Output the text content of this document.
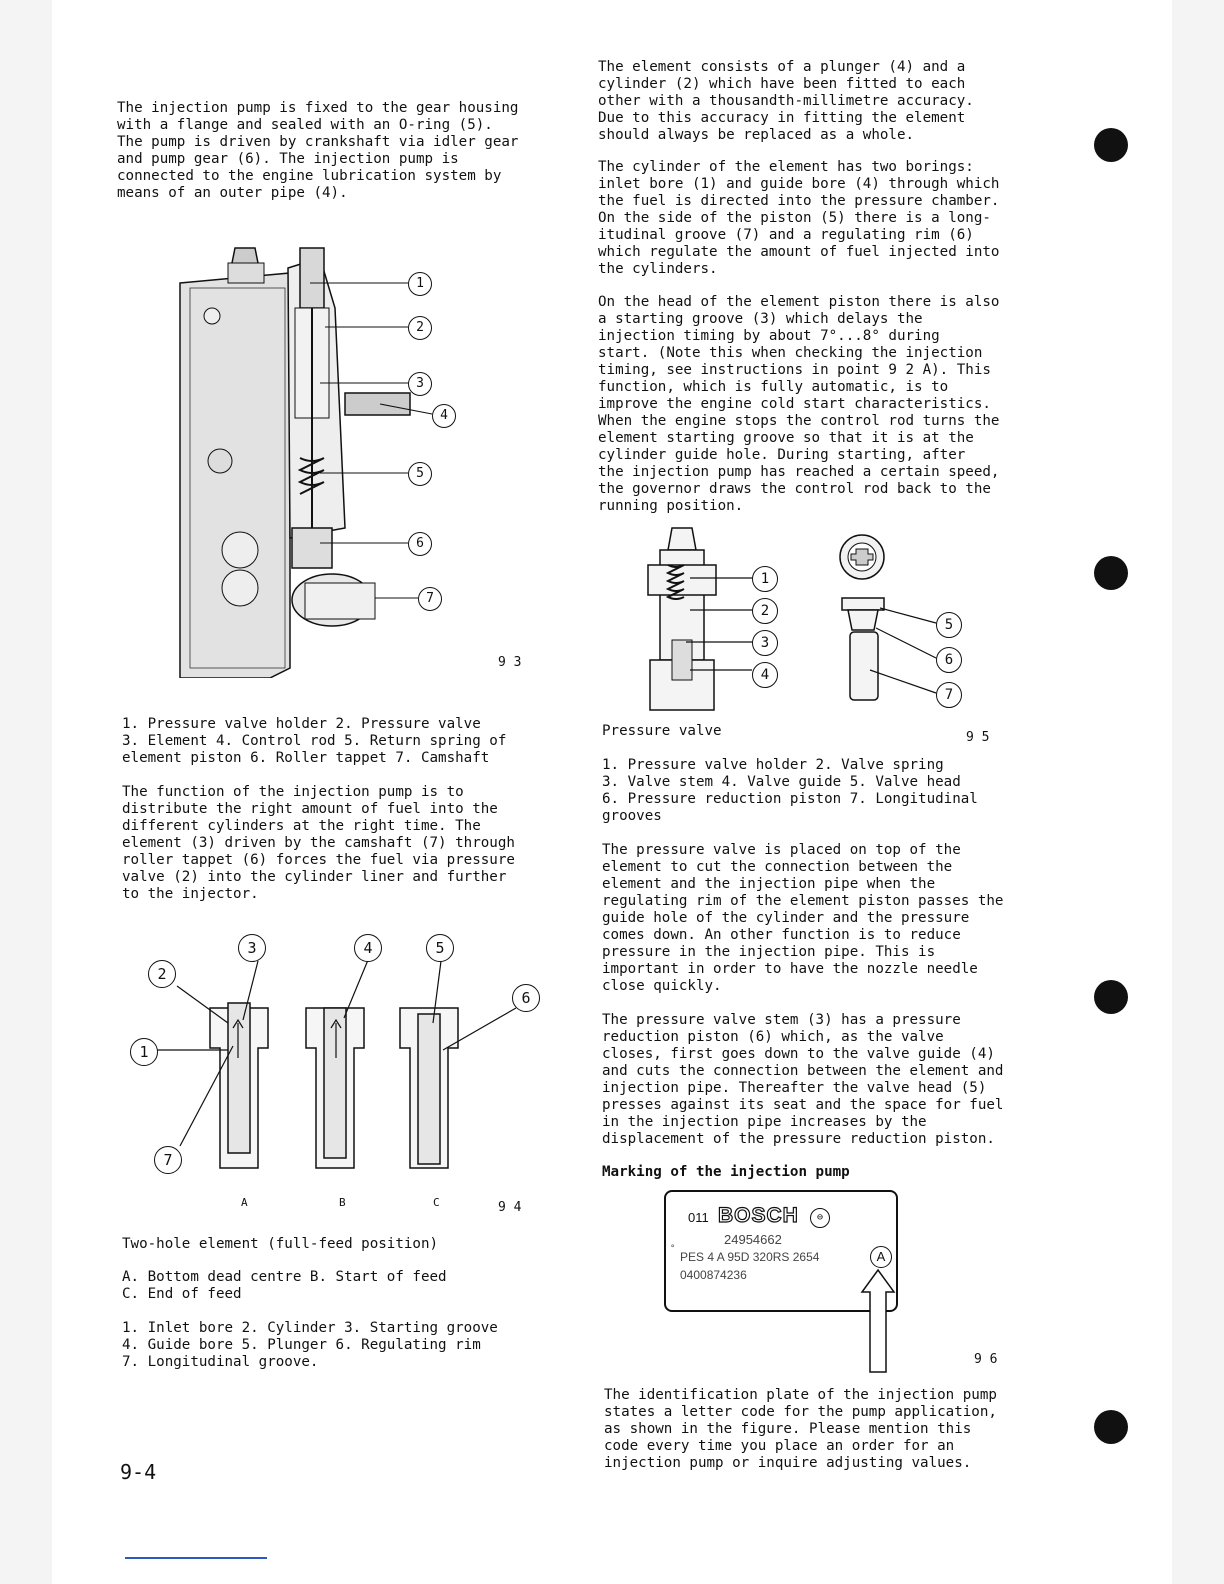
The injection pump is fixed to the gear housing
with a flange and sealed with an O-ring (5).
The pump is driven by crankshaft via idler gear
and pump gear (6). The injection pump is
connected to the engine lubrication system by
means of an outer pipe (4).

1
2
3
4
5
6
7
9 3

1. Pressure valve holder 2. Pressure valve
3. Element 4. Control rod 5. Return spring of
element piston 6. Roller tappet 7. Camshaft

The function of the injection pump is to
distribute the right amount of fuel into the
different cylinders at the right time. The
element (3) driven by the camshaft (7) through
roller tappet (6) forces the fuel via pressure
valve (2) into the cylinder liner and further
to the injector.

2
3
1
7
4	5
6
A	B	C	9 4

Two-hole element (full-feed position)

A. Bottom dead centre B. Start of feed
C. End of feed

1. Inlet bore 2. Cylinder 3. Starting groove
4. Guide bore 5. Plunger 6. Regulating rim
7. Longitudinal groove.

9-4

The element consists of a plunger (4) and a
cylinder (2) which have been fitted to each
other with a thousandth-millimetre accuracy.
Due to this accuracy in fitting the element
should always be replaced as a whole.

The cylinder of the element has two borings:
inlet bore (1) and guide bore (4) through which
the fuel is directed into the pressure chamber.
On the side of the piston (5) there is a long-
itudinal groove (7) and a regulating rim (6)
which regulate the amount of fuel injected into
the cylinders.

On the head of the element piston there is also
a starting groove (3) which delays the
injection timing by about 7°...8° during
start. (Note this when checking the injection
timing, see instructions in point 9 2 A). This
function, which is fully automatic, is to
improve the engine cold start characteristics.
When the engine stops the control rod turns the
element starting groove so that it is at the
cylinder guide hole. During starting, after
the injection pump has reached a certain speed,
the governor draws the control rod back to the
running position.

1
2
3
4
5
6
7
Pressure valve	9 5

1. Pressure valve holder 2. Valve spring
3. Valve stem 4. Valve guide 5. Valve head
6. Pressure reduction piston 7. Longitudinal
grooves

The pressure valve is placed on top of the
element to cut the connection between the
element and the injection pipe when the
regulating rim of the element piston passes the
guide hole of the cylinder and the pressure
comes down. An other function is to reduce
pressure in the injection pipe. This is
important in order to have the nozzle needle
close quickly.

The pressure valve stem (3) has a pressure
reduction piston (6) which, as the valve
closes, first goes down to the valve guide (4)
and cuts the connection between the element and
injection pipe. Thereafter the valve head (5)
presses against its seat and the space for fuel
in the injection pipe increases by the
displacement of the pressure reduction piston.

Marking of the injection pump

011 BOSCH	⊖
24954662
°
PES 4 A 95D 320RS 2654	A
0400874236
9 6

The identification plate of the injection pump
states a letter code for the pump application,
as shown in the figure. Please mention this
code every time you place an order for an
injection pump or inquire adjusting values.
